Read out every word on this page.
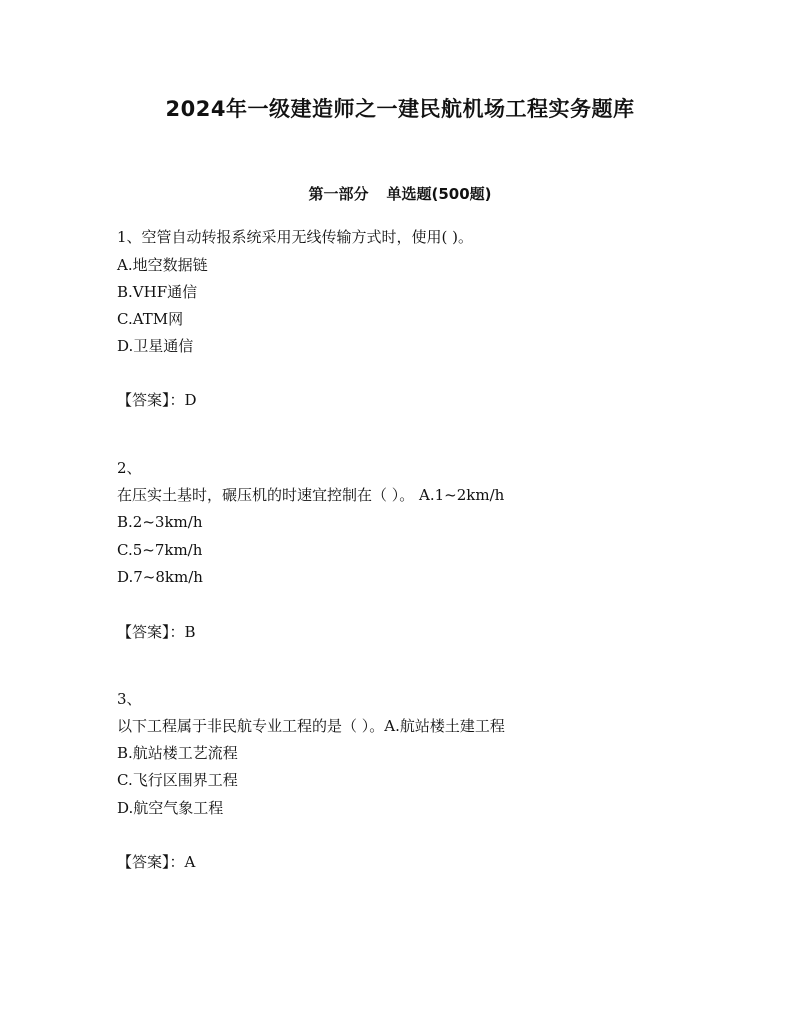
2024年一级建造师之一建民航机场工程实务题库
第一部分 单选题(500题)
1、空管自动转报系统采用无线传输方式时，使用( )。
A.地空数据链
B.VHF通信
C.ATM网
D.卫星通信
【答案】：D
2、
在压实土基时，碾压机的时速宜控制在（ ）。 A.1~2km/h
B.2~3km/h
C.5~7km/h
D.7~8km/h
【答案】：B
3、
以下工程属于非民航专业工程的是（ ）。A.航站楼土建工程
B.航站楼工艺流程
C.飞行区围界工程
D.航空气象工程
【答案】：A
